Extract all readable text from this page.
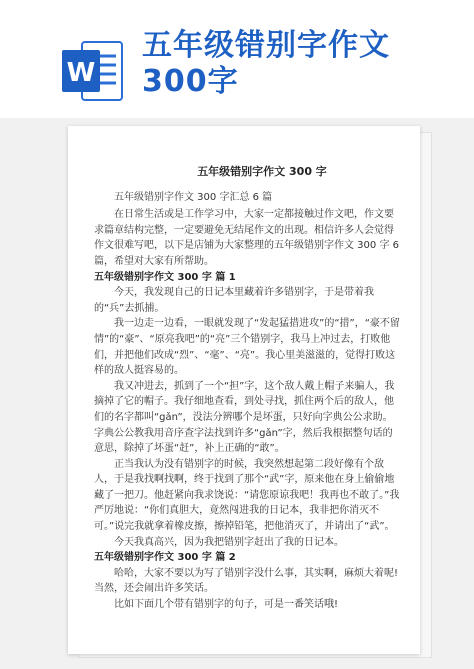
W
五年级错别字作文
300字
五年级错别字作文 300 字

五年级错别字作文 300 字汇总 6 篇

在日常生活或是工作学习中，大家一定都接触过作文吧，作文要求篇章结构完整，一定要避免无结尾作文的出现。相信许多人会觉得作文很难写吧，以下是店铺为大家整理的五年级错别字作文 300 字 6 篇，希望对大家有所帮助。

五年级错别字作文 300 字 篇 1

今天，我发现自己的日记本里藏着许多错别字，于是带着我的“兵”去抓捕。

我一边走一边看，一眼就发现了“发起猛措进攻”的“措”，“豪不留情”的“豪”、“原亮我吧”的“亮”三个错别字，我马上冲过去，打败他们，并把他们改成“烈”、“毫”、“亮”。我心里美滋滋的，觉得打败这样的敌人挺容易的。

我又冲进去，抓到了一个“担”字，这个敌人戴上帽子来骗人，我摘掉了它的帽子。我仔细地查看，到处寻找，抓住两个后的敌人，他们的名字都叫“gǎn”，没法分辨哪个是坏蛋，只好向字典公公求助。字典公公教我用音序查字法找到许多“gǎn”字，然后我根据整句话的意思，除掉了坏蛋“赶”，补上正确的“敢”。

正当我认为没有错别字的时候，我突然想起第二段好像有个敌人，于是我找啊找啊，终于找到了那个“武”字，原来他在身上偷偷地藏了一把刀。他赶紧向我求饶说：“请您原谅我吧！我再也不敢了。”我严厉地说：“你们真胆大，竟然闯进我的日记本，我非把你消灭不可。”说完我就拿着橡皮擦，擦掉铅笔，把他消灭了，并请出了“武”。

今天我真高兴，因为我把错别字赶出了我的日记本。

五年级错别字作文 300 字 篇 2

哈哈，大家不要以为写了错别字没什么事，其实啊，麻烦大着呢!当然，还会闹出许多笑话。

比如下面几个带有错别字的句子，可是一番笑话哦!
